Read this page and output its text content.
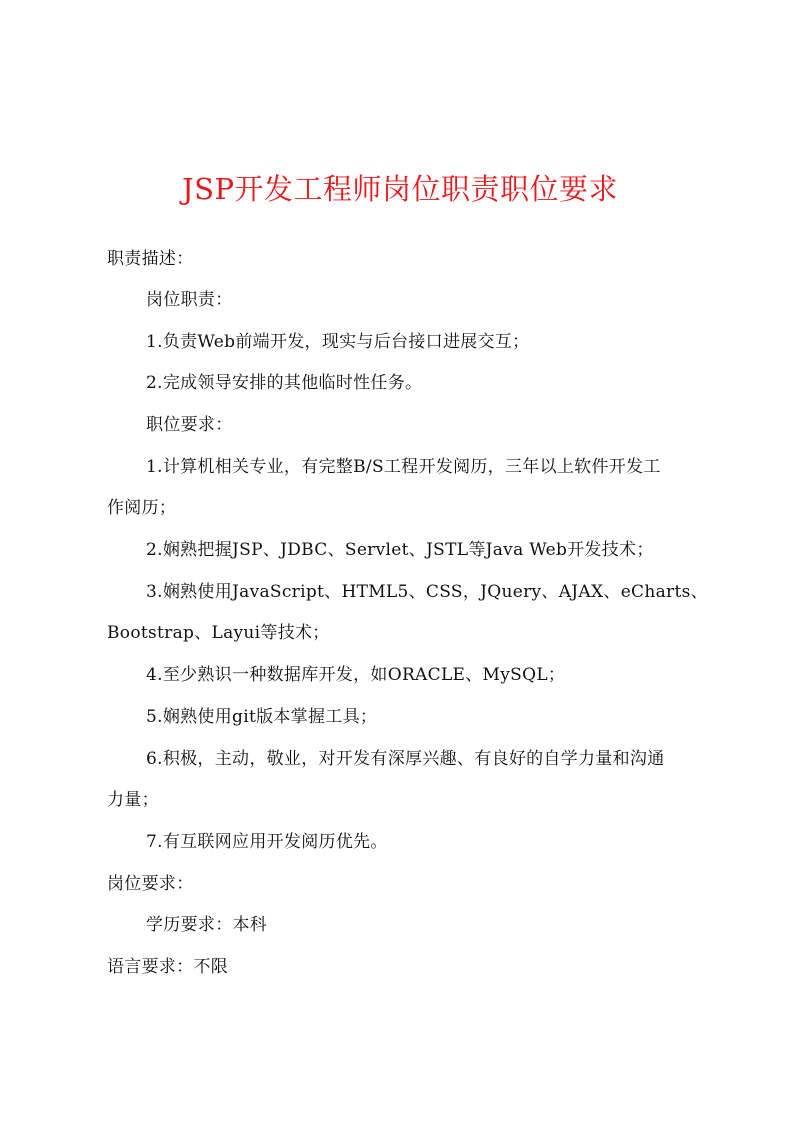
JSP开发工程师岗位职责职位要求
职责描述：
岗位职责：
1.负责Web前端开发，现实与后台接口进展交互；
2.完成领导安排的其他临时性任务。
职位要求：
1.计算机相关专业，有完整B/S工程开发阅历，三年以上软件开发工
作阅历；
2.娴熟把握JSP、JDBC、Servlet、JSTL等Java Web开发技术；
3.娴熟使用JavaScript、HTML5、CSS，JQuery、AJAX、eCharts、
Bootstrap、Layui等技术；
4.至少熟识一种数据库开发，如ORACLE、MySQL；
5.娴熟使用git版本掌握工具；
6.积极，主动，敬业，对开发有深厚兴趣、有良好的自学力量和沟通
力量；
7.有互联网应用开发阅历优先。
岗位要求：
学历要求：本科
语言要求：不限
